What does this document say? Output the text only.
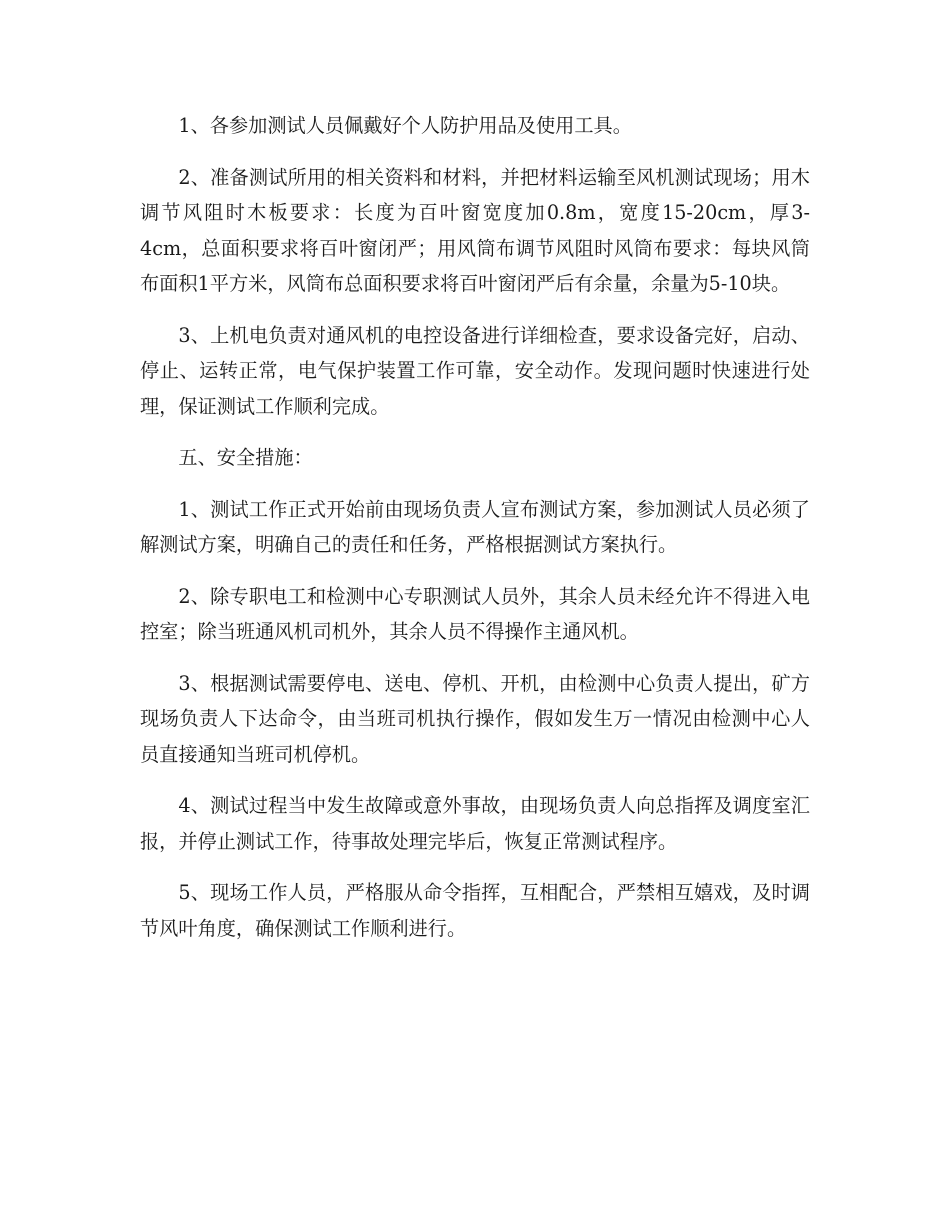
1、各参加测试人员佩戴好个人防护用品及使用工具。

2、准备测试所用的相关资料和材料，并把材料运输至风机测试现场；用木调节风阻时木板要求：长度为百叶窗宽度加0.8m，宽度15-20cm，厚3-4cm，总面积要求将百叶窗闭严；用风筒布调节风阻时风筒布要求：每块风筒布面积1平方米，风筒布总面积要求将百叶窗闭严后有余量，余量为5-10块。

3、上机电负责对通风机的电控设备进行详细检查，要求设备完好，启动、停止、运转正常，电气保护装置工作可靠，安全动作。发现问题时快速进行处理，保证测试工作顺利完成。

五、安全措施：

1、测试工作正式开始前由现场负责人宣布测试方案，参加测试人员必须了解测试方案，明确自己的责任和任务，严格根据测试方案执行。

2、除专职电工和检测中心专职测试人员外，其余人员未经允许不得进入电控室；除当班通风机司机外，其余人员不得操作主通风机。

3、根据测试需要停电、送电、停机、开机，由检测中心负责人提出，矿方现场负责人下达命令，由当班司机执行操作，假如发生万一情况由检测中心人员直接通知当班司机停机。

4、测试过程当中发生故障或意外事故，由现场负责人向总指挥及调度室汇报，并停止测试工作，待事故处理完毕后，恢复正常测试程序。

5、现场工作人员，严格服从命令指挥，互相配合，严禁相互嬉戏，及时调节风叶角度，确保测试工作顺利进行。
